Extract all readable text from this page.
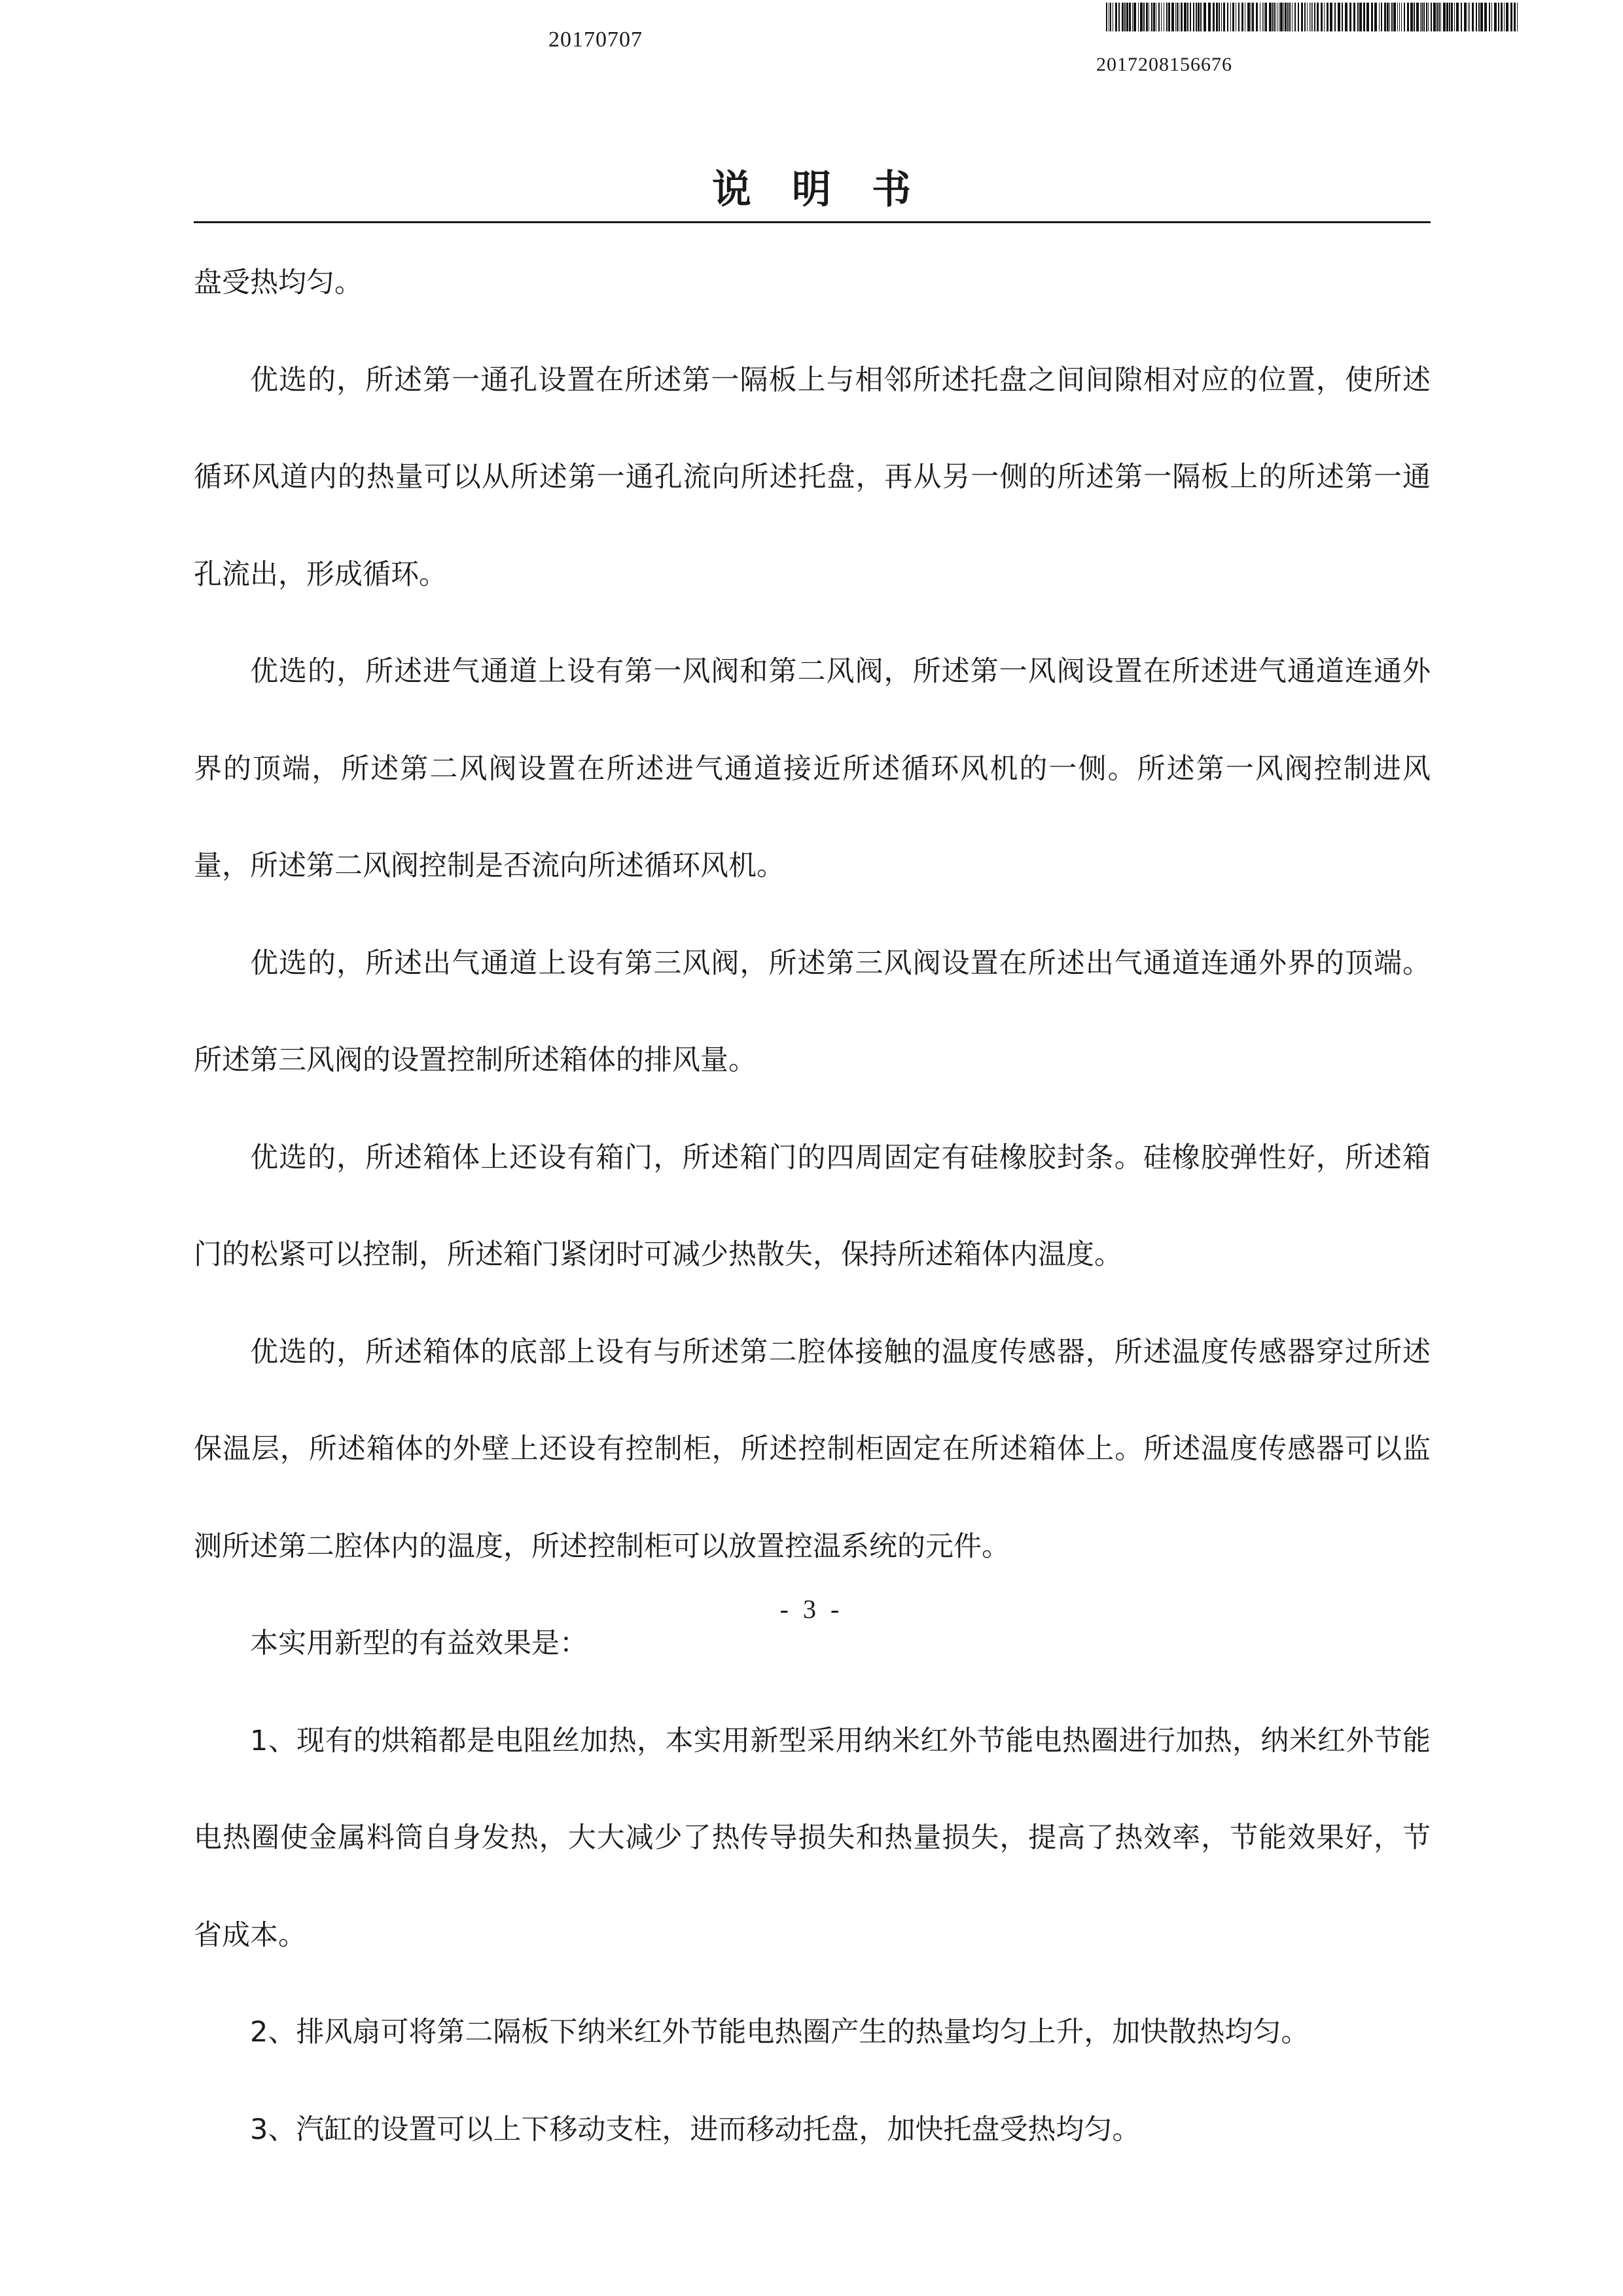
20170707
2017208156676
说明书

盘受热均匀。

优选的，所述第一通孔设置在所述第一隔板上与相邻所述托盘之间间隙相对应的位置，使所述循环风道内的热量可以从所述第一通孔流向所述托盘，再从另一侧的所述第一隔板上的所述第一通孔流出，形成循环。

优选的，所述进气通道上设有第一风阀和第二风阀，所述第一风阀设置在所述进气通道连通外界的顶端，所述第二风阀设置在所述进气通道接近所述循环风机的一侧。所述第一风阀控制进风量，所述第二风阀控制是否流向所述循环风机。

优选的，所述出气通道上设有第三风阀，所述第三风阀设置在所述出气通道连通外界的顶端。所述第三风阀的设置控制所述箱体的排风量。

优选的，所述箱体上还设有箱门，所述箱门的四周固定有硅橡胶封条。硅橡胶弹性好，所述箱门的松紧可以控制，所述箱门紧闭时可减少热散失，保持所述箱体内温度。

优选的，所述箱体的底部上设有与所述第二腔体接触的温度传感器，所述温度传感器穿过所述保温层，所述箱体的外壁上还设有控制柜，所述控制柜固定在所述箱体上。所述温度传感器可以监测所述第二腔体内的温度，所述控制柜可以放置控温系统的元件。

本实用新型的有益效果是：

1、现有的烘箱都是电阻丝加热，本实用新型采用纳米红外节能电热圈进行加热，纳米红外节能电热圈使金属料筒自身发热，大大减少了热传导损失和热量损失，提高了热效率，节能效果好，节省成本。

2、排风扇可将第二隔板下纳米红外节能电热圈产生的热量均匀上升，加快散热均匀。

3、汽缸的设置可以上下移动支柱，进而移动托盘，加快托盘受热均匀。

- 3 -
